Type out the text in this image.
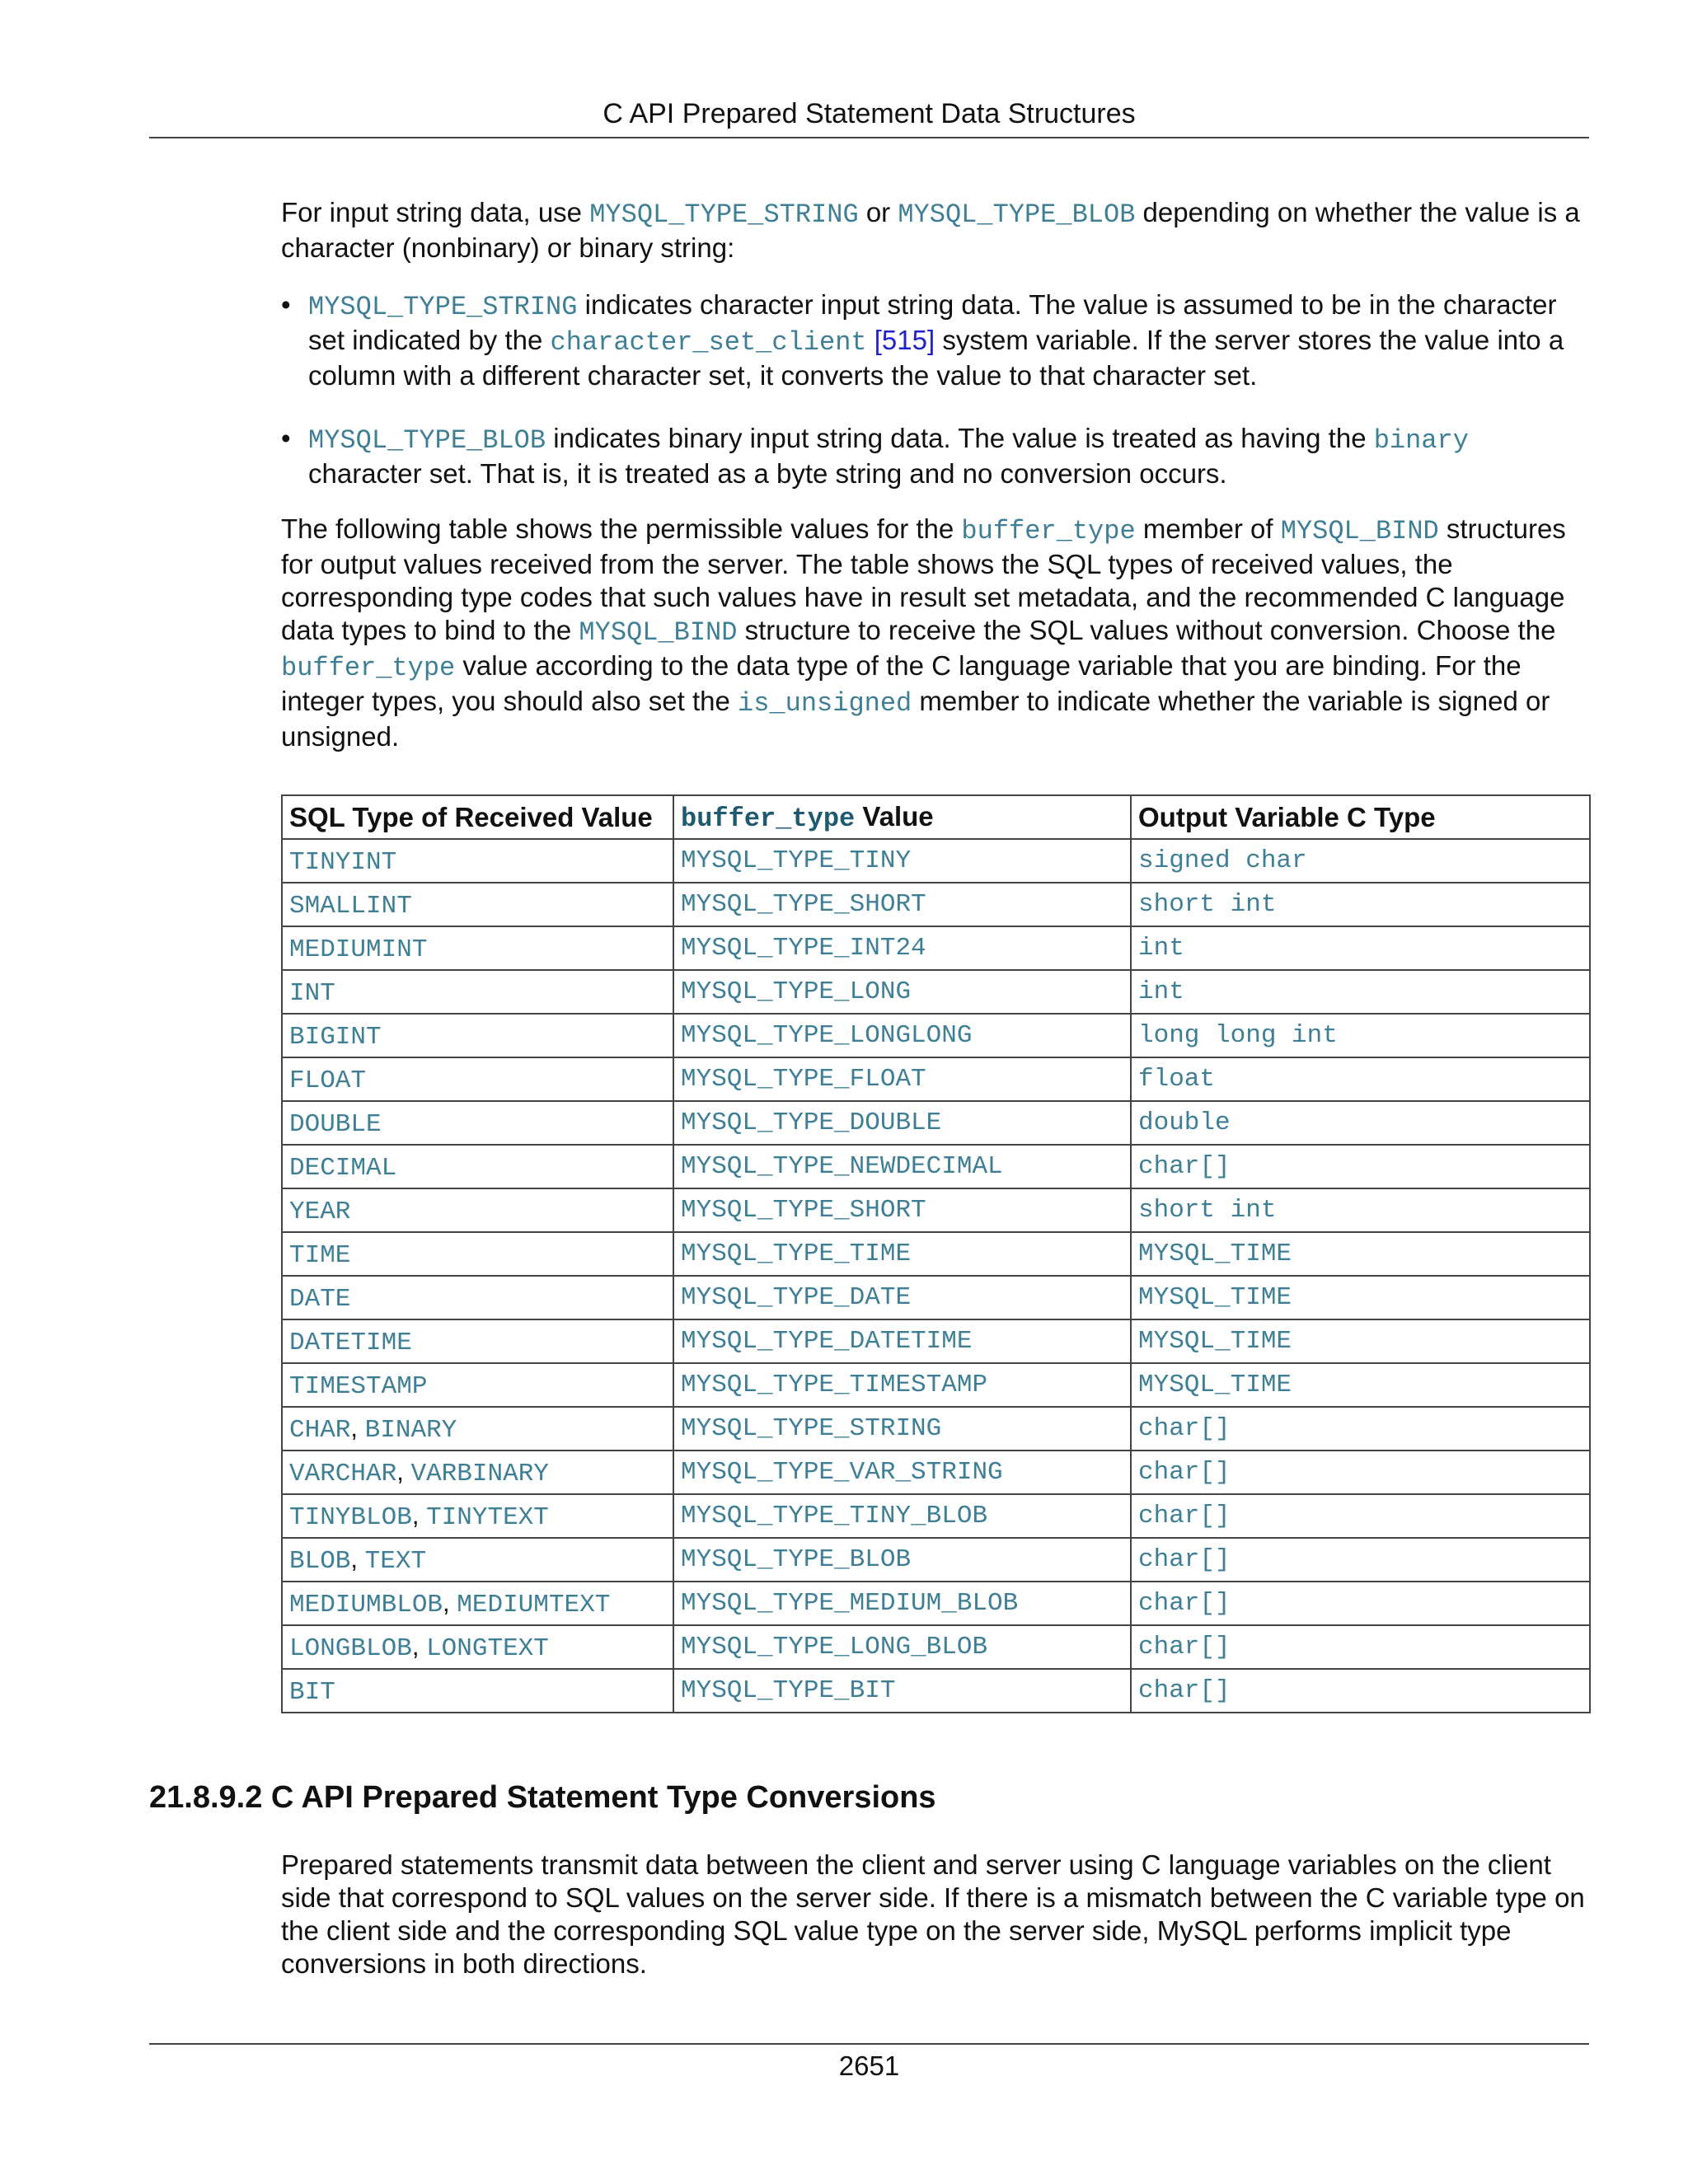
C API Prepared Statement Data Structures

For input string data, use MYSQL_TYPE_STRING or MYSQL_TYPE_BLOB depending on whether the value is a character (nonbinary) or binary string:

• MYSQL_TYPE_STRING indicates character input string data. The value is assumed to be in the character set indicated by the character_set_client [515] system variable. If the server stores the value into a column with a different character set, it converts the value to that character set.
• MYSQL_TYPE_BLOB indicates binary input string data. The value is treated as having the binary character set. That is, it is treated as a byte string and no conversion occurs.

The following table shows the permissible values for the buffer_type member of MYSQL_BIND structures for output values received from the server. The table shows the SQL types of received values, the corresponding type codes that such values have in result set metadata, and the recommended C language data types to bind to the MYSQL_BIND structure to receive the SQL values without conversion. Choose the buffer_type value according to the data type of the C language variable that you are binding. For the integer types, you should also set the is_unsigned member to indicate whether the variable is signed or unsigned.

SQL Type of Received Value	buffer_type Value	Output Variable C Type
TINYINT	MYSQL_TYPE_TINY	signed char
SMALLINT	MYSQL_TYPE_SHORT	short int
MEDIUMINT	MYSQL_TYPE_INT24	int
INT	MYSQL_TYPE_LONG	int
BIGINT	MYSQL_TYPE_LONGLONG	long long int
FLOAT	MYSQL_TYPE_FLOAT	float
DOUBLE	MYSQL_TYPE_DOUBLE	double
DECIMAL	MYSQL_TYPE_NEWDECIMAL	char[]
YEAR	MYSQL_TYPE_SHORT	short int
TIME	MYSQL_TYPE_TIME	MYSQL_TIME
DATE	MYSQL_TYPE_DATE	MYSQL_TIME
DATETIME	MYSQL_TYPE_DATETIME	MYSQL_TIME
TIMESTAMP	MYSQL_TYPE_TIMESTAMP	MYSQL_TIME
CHAR, BINARY	MYSQL_TYPE_STRING	char[]
VARCHAR, VARBINARY	MYSQL_TYPE_VAR_STRING	char[]
TINYBLOB, TINYTEXT	MYSQL_TYPE_TINY_BLOB	char[]
BLOB, TEXT	MYSQL_TYPE_BLOB	char[]
MEDIUMBLOB, MEDIUMTEXT	MYSQL_TYPE_MEDIUM_BLOB	char[]
LONGBLOB, LONGTEXT	MYSQL_TYPE_LONG_BLOB	char[]
BIT	MYSQL_TYPE_BIT	char[]
21.8.9.2 C API Prepared Statement Type Conversions

Prepared statements transmit data between the client and server using C language variables on the client side that correspond to SQL values on the server side. If there is a mismatch between the C variable type on the client side and the corresponding SQL value type on the server side, MySQL performs implicit type conversions in both directions.

2651
